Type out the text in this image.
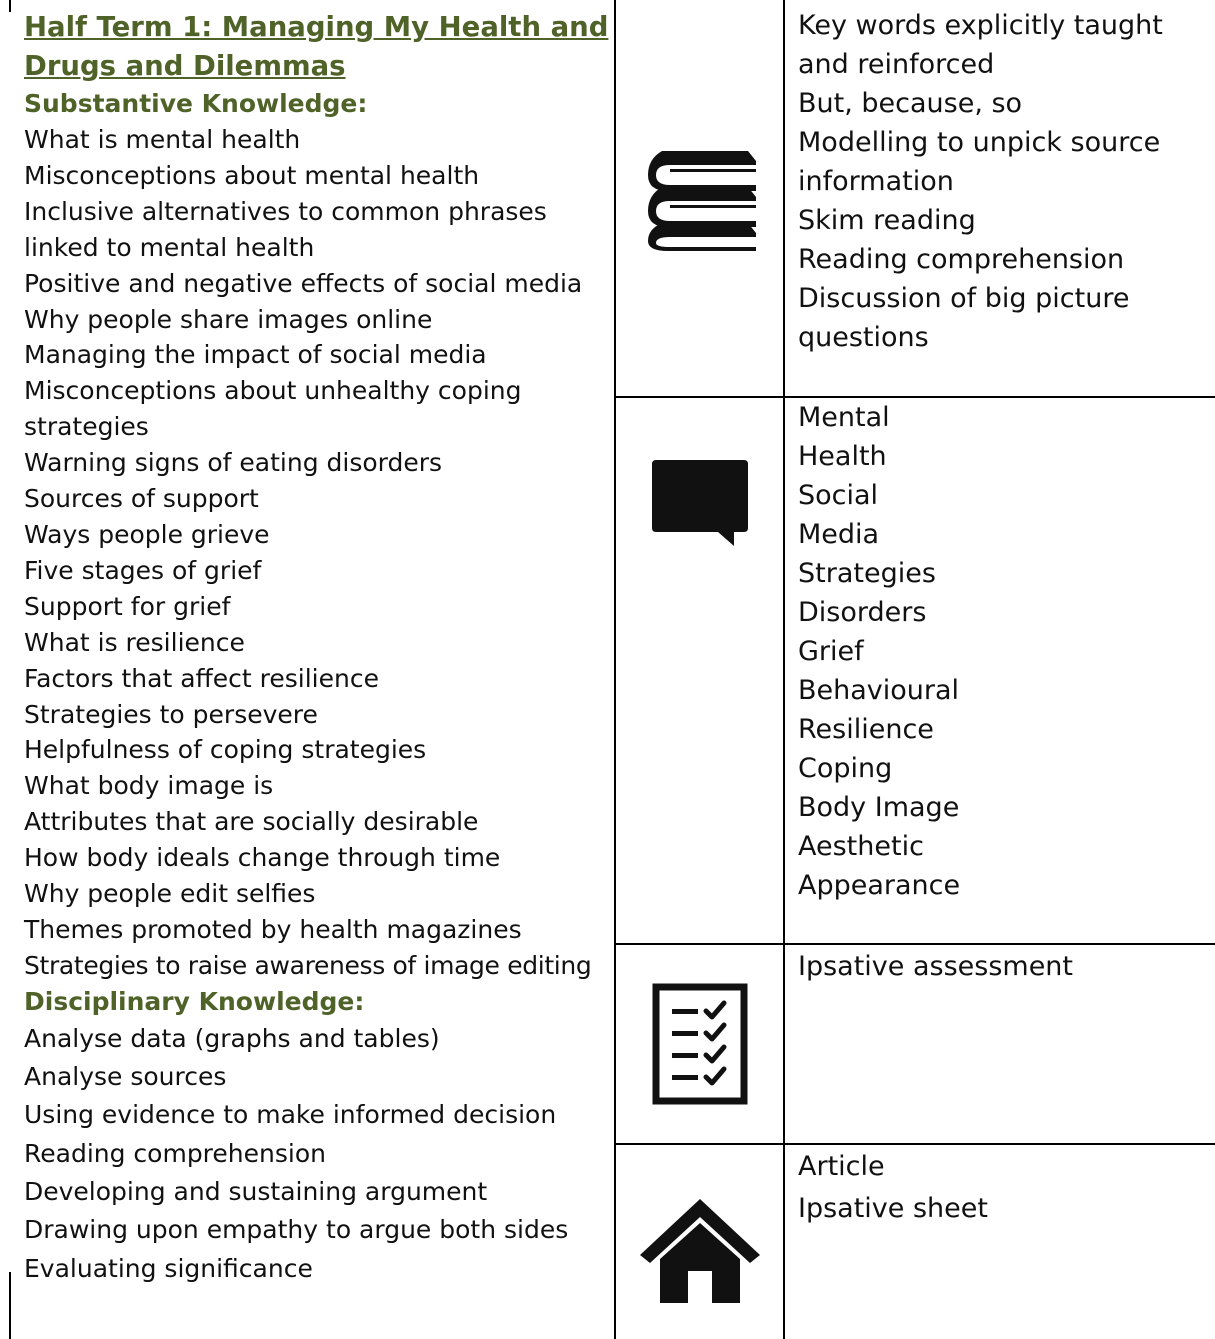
Half Term 1: Managing My Health and
Drugs and Dilemmas
Substantive Knowledge:
What is mental health
Misconceptions about mental health
Inclusive alternatives to common phrases linked to mental health
Positive and negative effects of social media
Why people share images online
Managing the impact of social media
Misconceptions about unhealthy coping strategies
Warning signs of eating disorders
Sources of support
Ways people grieve
Five stages of grief
Support for grief
What is resilience
Factors that affect resilience
Strategies to persevere
Helpfulness of coping strategies
What body image is
Attributes that are socially desirable
How body ideals change through time
Why people edit selfies
Themes promoted by health magazines
Strategies to raise awareness of image editing
Disciplinary Knowledge:
Analyse data (graphs and tables)
Analyse sources
Using evidence to make informed decision
Reading comprehension
Developing and sustaining argument
Drawing upon empathy to argue both sides
Evaluating significance
Key words explicitly taught
and reinforced
But, because, so
Modelling to unpick source
information
Skim reading
Reading comprehension
Discussion of big picture
questions
Mental
Health
Social
Media
Strategies
Disorders
Grief
Behavioural
Resilience
Coping
Body Image
Aesthetic
Appearance
Ipsative assessment
Article
Ipsative sheet
